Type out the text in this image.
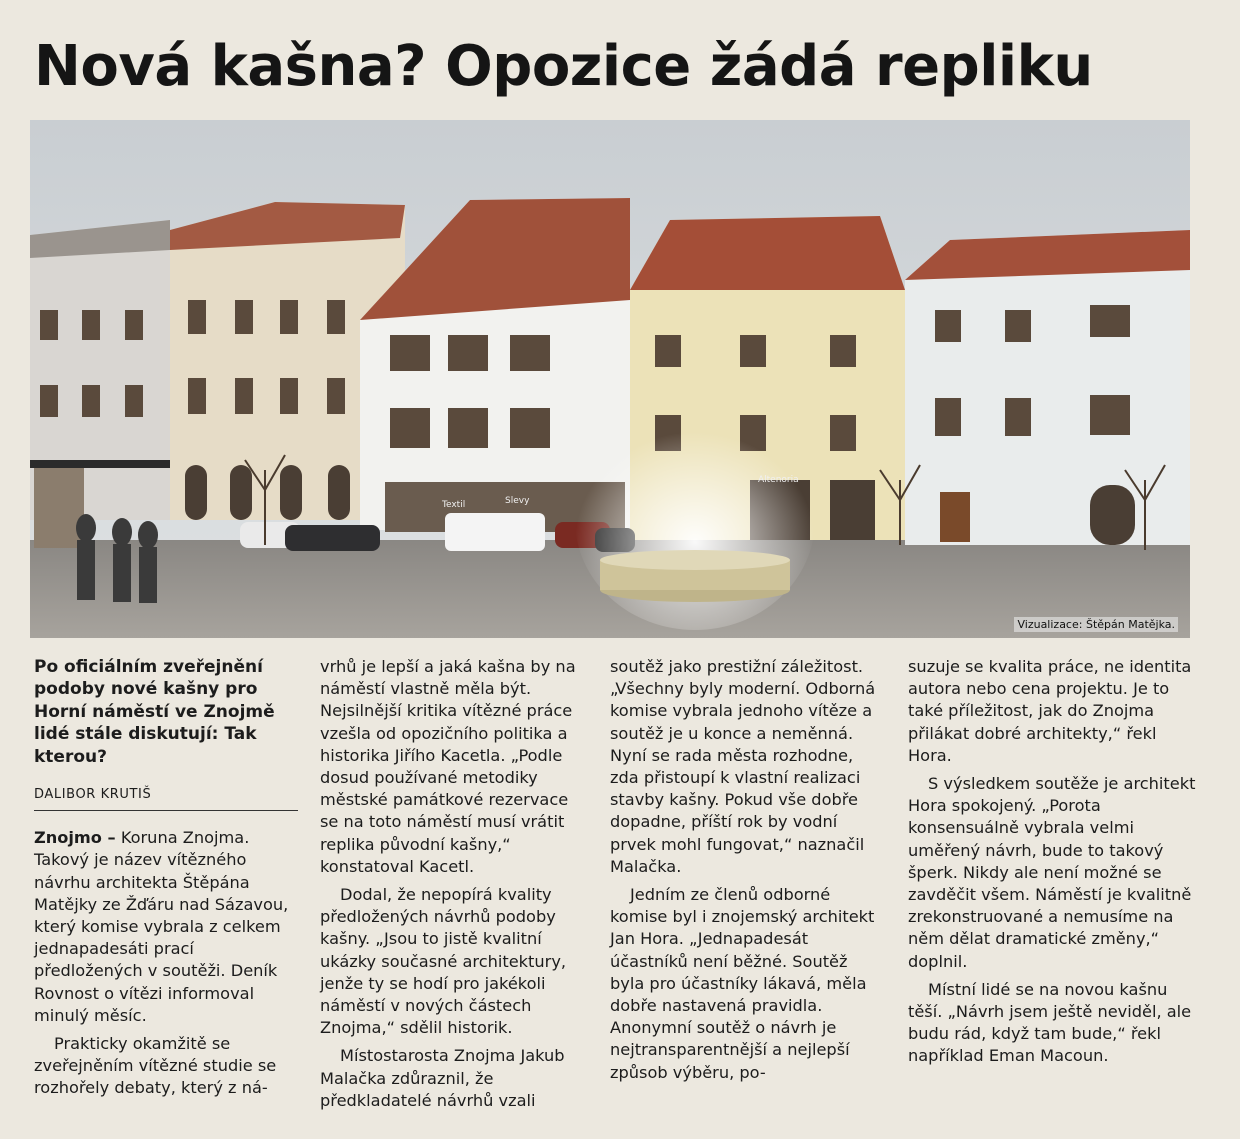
Nová kašna? Opozice žádá repliku
Textil	Slevy
Altenoria
Vizualizace: Štěpán Matějka.

Po oficiálním zveřejnění podoby nové kašny pro Horní náměstí ve Znojmě lidé stále diskutují: Tak kterou?

DALIBOR KRUTIŠ

Znojmo – Koruna Znojma. Takový je název vítězného návrhu architekta Štěpána Matějky ze Žďáru nad Sázavou, který komise vybrala z celkem jednapadesáti prací předložených v soutěži. Deník Rovnost o vítězi informoval minulý měsíc.

Prakticky okamžitě se zveřejněním vítězné studie se rozhořely debaty, který z ná-

vrhů je lepší a jaká kašna by na náměstí vlastně měla být. Nejsilnější kritika vítězné práce vzešla od opozičního politika a historika Jiřího Kacetla. „Podle dosud používané metodiky městské památkové rezervace se na toto náměstí musí vrátit replika původní kašny,“ konstatoval Kacetl.

Dodal, že nepopírá kvality předložených návrhů podoby kašny. „Jsou to jistě kvalitní ukázky současné architektury, jenže ty se hodí pro jakékoli náměstí v nových částech Znojma,“ sdělil historik.

Místostarosta Znojma Jakub Malačka zdůraznil, že předkladatelé návrhů vzali

soutěž jako prestižní záležitost. „Všechny byly moderní. Odborná komise vybrala jednoho vítěze a soutěž je u konce a neměnná. Nyní se rada města rozhodne, zda přistoupí k vlastní realizaci stavby kašny. Pokud vše dobře dopadne, příští rok by vodní prvek mohl fungovat,“ naznačil Malačka.

Jedním ze členů odborné komise byl i znojemský architekt Jan Hora. „Jednapadesát účastníků není běžné. Soutěž byla pro účastníky lákavá, měla dobře nastavená pravidla. Anonymní soutěž o návrh je nejtransparentnější a nejlepší způsob výběru, po-

suzuje se kvalita práce, ne identita autora nebo cena projektu. Je to také příležitost, jak do Znojma přilákat dobré architekty,“ řekl Hora.

S výsledkem soutěže je architekt Hora spokojený. „Porota konsensuálně vybrala velmi uměřený návrh, bude to takový šperk. Nikdy ale není možné se zavděčit všem. Náměstí je kvalitně zrekonstruované a nemusíme na něm dělat dramatické změny,“ doplnil.

Místní lidé se na novou kašnu těší. „Návrh jsem ještě neviděl, ale budu rád, když tam bude,“ řekl například Eman Macoun.
